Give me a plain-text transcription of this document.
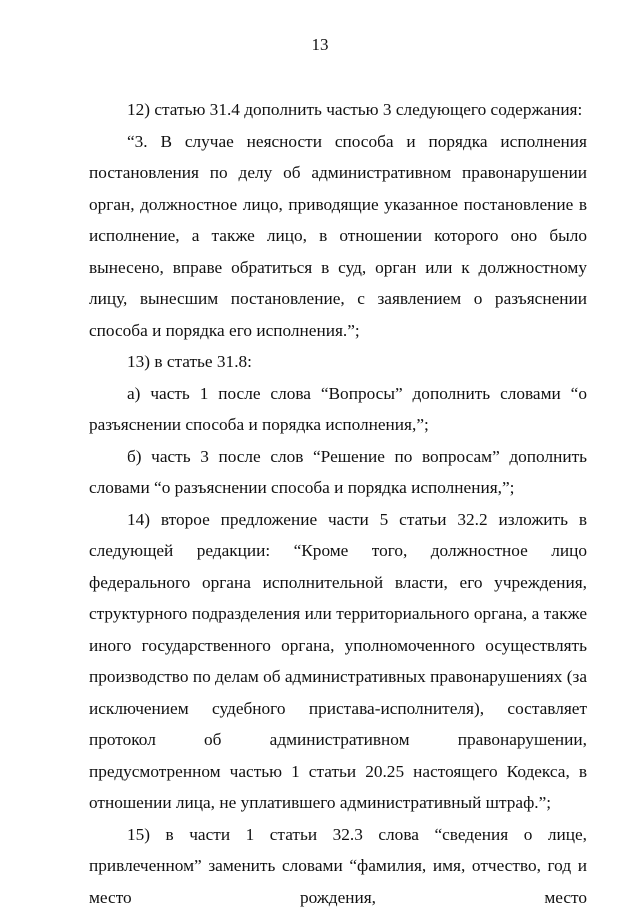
13

12) статью 31.4 дополнить частью 3 следующего содержания:

“3. В случае неясности способа и порядка исполнения постановления по делу об административном правонарушении орган, должностное лицо, приводящие указанное постановление в исполнение, а также лицо, в отношении которого оно было вынесено, вправе обратиться в суд, орган или к должностному лицу, вынесшим постановление, с заявлением о разъяснении способа и порядка его исполнения.”;

13) в статье 31.8:

а) часть 1 после слова “Вопросы” дополнить словами “о разъяснении способа и порядка исполнения,”;

б) часть 3 после слов “Решение по вопросам” дополнить словами “о разъяснении способа и порядка исполнения,”;

14) второе предложение части 5 статьи 32.2 изложить в следующей редакции: “Кроме того, должностное лицо федерального органа исполнительной власти, его учреждения, структурного подразделения или территориального органа, а также иного государственного органа, уполномоченного осуществлять производство по делам об административных правонарушениях (за исключением судебного пристава-исполнителя), составляет протокол об административном правонарушении, предусмотренном частью 1 статьи 20.25 настоящего Кодекса, в отношении лица, не уплатившего административный штраф.”;

15) в части 1 статьи 32.3 слова “сведения о лице, привлеченном” заменить словами “фамилия, имя, отчество, год и место рождения, место
